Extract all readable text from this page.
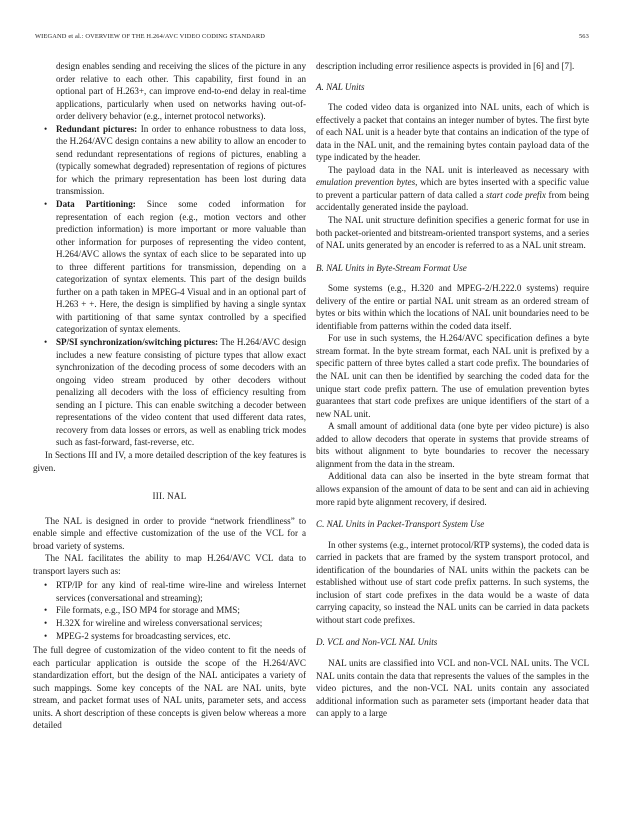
WIEGAND et al.: OVERVIEW OF THE H.264/AVC VIDEO CODING STANDARD	563

design enables sending and receiving the slices of the picture in any order relative to each other. This capability, first found in an optional part of H.263+, can improve end-to-end delay in real-time applications, particularly when used on networks having out-of-order delivery behavior (e.g., internet protocol networks).

• Redundant pictures: In order to enhance robustness to data loss, the H.264/AVC design contains a new ability to allow an encoder to send redundant representations of regions of pictures, enabling a (typically somewhat degraded) representation of regions of pictures for which the primary representation has been lost during data transmission.
• Data Partitioning: Since some coded information for representation of each region (e.g., motion vectors and other prediction information) is more important or more valuable than other information for purposes of representing the video content, H.264/AVC allows the syntax of each slice to be separated into up to three different partitions for transmission, depending on a categorization of syntax elements. This part of the design builds further on a path taken in MPEG-4 Visual and in an optional part of H.263 + +. Here, the design is simplified by having a single syntax with partitioning of that same syntax controlled by a specified categorization of syntax elements.
• SP/SI synchronization/switching pictures: The H.264/AVC design includes a new feature consisting of picture types that allow exact synchronization of the decoding process of some decoders with an ongoing video stream produced by other decoders without penalizing all decoders with the loss of efficiency resulting from sending an I picture. This can enable switching a decoder between representations of the video content that used different data rates, recovery from data losses or errors, as well as enabling trick modes such as fast-forward, fast-reverse, etc.

In Sections III and IV, a more detailed description of the key features is given.

III. NAL

The NAL is designed in order to provide “network friendliness” to enable simple and effective customization of the use of the VCL for a broad variety of systems.

The NAL facilitates the ability to map H.264/AVC VCL data to transport layers such as:

• RTP/IP for any kind of real-time wire-line and wireless Internet services (conversational and streaming);
• File formats, e.g., ISO MP4 for storage and MMS;
• H.32X for wireline and wireless conversational services;
• MPEG-2 systems for broadcasting services, etc.

The full degree of customization of the video content to fit the needs of each particular application is outside the scope of the H.264/AVC standardization effort, but the design of the NAL anticipates a variety of such mappings. Some key concepts of the NAL are NAL units, byte stream, and packet format uses of NAL units, parameter sets, and access units. A short description of these concepts is given below whereas a more detailed

description including error resilience aspects is provided in [6] and [7].

A. NAL Units

The coded video data is organized into NAL units, each of which is effectively a packet that contains an integer number of bytes. The first byte of each NAL unit is a header byte that contains an indication of the type of data in the NAL unit, and the remaining bytes contain payload data of the type indicated by the header.

The payload data in the NAL unit is interleaved as necessary with emulation prevention bytes, which are bytes inserted with a specific value to prevent a particular pattern of data called a start code prefix from being accidentally generated inside the payload.

The NAL unit structure definition specifies a generic format for use in both packet-oriented and bitstream-oriented transport systems, and a series of NAL units generated by an encoder is referred to as a NAL unit stream.

B. NAL Units in Byte-Stream Format Use

Some systems (e.g., H.320 and MPEG-2/H.222.0 systems) require delivery of the entire or partial NAL unit stream as an ordered stream of bytes or bits within which the locations of NAL unit boundaries need to be identifiable from patterns within the coded data itself.

For use in such systems, the H.264/AVC specification defines a byte stream format. In the byte stream format, each NAL unit is prefixed by a specific pattern of three bytes called a start code prefix. The boundaries of the NAL unit can then be identified by searching the coded data for the unique start code prefix pattern. The use of emulation prevention bytes guarantees that start code prefixes are unique identifiers of the start of a new NAL unit.

A small amount of additional data (one byte per video picture) is also added to allow decoders that operate in systems that provide streams of bits without alignment to byte boundaries to recover the necessary alignment from the data in the stream.

Additional data can also be inserted in the byte stream format that allows expansion of the amount of data to be sent and can aid in achieving more rapid byte alignment recovery, if desired.

C. NAL Units in Packet-Transport System Use

In other systems (e.g., internet protocol/RTP systems), the coded data is carried in packets that are framed by the system transport protocol, and identification of the boundaries of NAL units within the packets can be established without use of start code prefix patterns. In such systems, the inclusion of start code prefixes in the data would be a waste of data carrying capacity, so instead the NAL units can be carried in data packets without start code prefixes.

D. VCL and Non-VCL NAL Units

NAL units are classified into VCL and non-VCL NAL units. The VCL NAL units contain the data that represents the values of the samples in the video pictures, and the non-VCL NAL units contain any associated additional information such as parameter sets (important header data that can apply to a large
